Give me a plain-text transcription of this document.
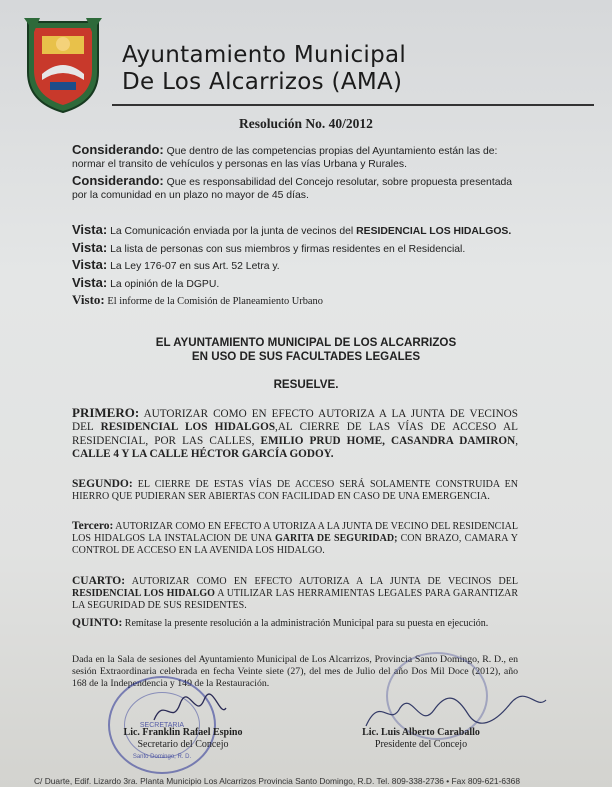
Ayuntamiento Municipal
De Los Alcarrizos (AMA)
Resolución No. 40/2012
Considerando: Que dentro de las competencias propias del Ayuntamiento están las de: normar el transito de vehículos y personas en las vías Urbana y Rurales.
Considerando: Que es responsabilidad del Concejo resolutar, sobre propuesta presentada por la comunidad en un plazo no mayor de 45 días.
Vista: La Comunicación enviada por la junta de vecinos del RESIDENCIAL LOS HIDALGOS.
Vista: La lista de personas con sus miembros y firmas residentes en el Residencial.
Vista: La Ley 176-07 en sus Art. 52 Letra y.
Vista: La opinión de la DGPU.
Visto: El informe de la Comisión de Planeamiento Urbano
EL AYUNTAMIENTO MUNICIPAL DE LOS ALCARRIZOS
EN USO DE SUS FACULTADES LEGALES
RESUELVE.
PRIMERO: AUTORIZAR COMO EN EFECTO AUTORIZA A LA JUNTA DE VECINOS DEL RESIDENCIAL LOS HIDALGOS,AL CIERRE DE LAS VÍAS DE ACCESO AL RESIDENCIAL, POR LAS CALLES, EMILIO PRUD HOME, CASANDRA DAMIRON, CALLE 4 Y LA CALLE HÉCTOR GARCÍA GODOY.
SEGUNDO: EL CIERRE DE ESTAS VÍAS DE ACCESO SERÁ SOLAMENTE CONSTRUIDA EN HIERRO QUE PUDIERAN SER ABIERTAS CON FACILIDAD EN CASO DE UNA EMERGENCIA.
Tercero: AUTORIZAR COMO EN EFECTO A UTORIZA A LA JUNTA DE VECINO DEL RESIDENCIAL LOS HIDALGOS LA INSTALACION DE UNA GARITA DE SEGURIDAD; CON BRAZO, CAMARA Y CONTROL DE ACCESO EN LA AVENIDA LOS HIDALGO.
CUARTO: AUTORIZAR COMO EN EFECTO AUTORIZA A LA JUNTA DE VECINOS DEL RESIDENCIAL LOS HIDALGO A UTILIZAR LAS HERRAMIENTAS LEGALES PARA GARANTIZAR LA SEGURIDAD DE SUS RESIDENTES.
QUINTO: Remítase la presente resolución a la administración Municipal para su puesta en ejecución.
Dada en la Sala de sesiones del Ayuntamiento Municipal de Los Alcarrizos, Provincia Santo Domingo, R. D., en sesión Extraordinaria celebrada en fecha Veinte siete (27), del mes de Julio del año Dos Mil Doce (2012), año 168 de la Independencia y 149 de la Restauración.
SECRETARIA
Santo Domingo, R. D.
Lic. Franklin Rafael Espino
Secretario del Concejo
Lic. Luis Alberto Caraballo
Presidente del Concejo
C/ Duarte, Edif. Lizardo 3ra. Planta Municipio Los Alcarrizos Provincia Santo Domingo, R.D. Tel. 809-338-2736 • Fax 809-621-6368
